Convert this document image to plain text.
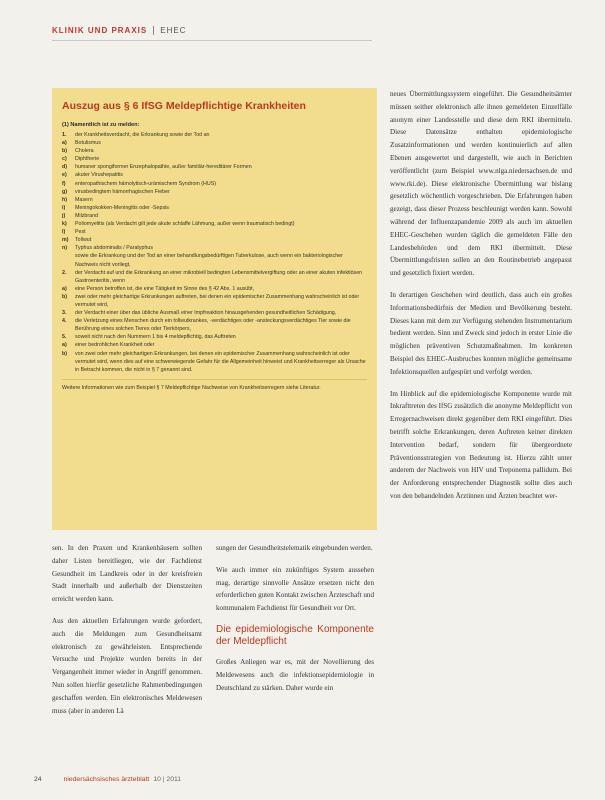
KLINIK UND PRAXIS EHEC
Auszug aus § 6 IfSG Meldepflichtige Krankheiten
(1) Namentlich ist zu melden:
1.	der Krankheitsverdacht, die Erkrankung sowie der Tod an
a)	Botulismus
b)	Cholera
c)	Diphtherie
d)	humaner spongiformer Enzephalopathie, außer familiär-hereditärer Formen
e)	akuter Virushepatitis
f)	enteropathischem hämolytisch-urämischem Syndrom (HUS)
g)	virusbedingtem hämorrhagischen Fieber
h)	Masern
i)	Meningokokken-Meningitis oder -Sepsis
j)	Milzbrand
k)	Poliomyelitis (als Verdacht gilt jede akute schlaffe Lähmung, außer wenn traumatisch bedingt)
l)	Pest
m)	Tollwut
n)	Typhus abdominalis / Paratyphus
sowie die Erkrankung und der Tod an einer behandlungsbedürftigen Tuberkulose, auch wenn ein bakteriologischer Nachweis nicht vorliegt,
2.	der Verdacht auf und die Erkrankung an einer mikrobiell bedingten Lebensmittelvergiftung oder an einer akuten infektiösen Gastroenteritis, wenn
a)	eine Person betroffen ist, die eine Tätigkeit im Sinne des § 42 Abs. 1 ausübt,
b)	zwei oder mehr gleichartige Erkrankungen auftreten, bei denen ein epidemischer Zusammenhang wahrscheinlich ist oder vermutet wird,
3.	der Verdacht einer über das übliche Ausmaß einer Impfreaktion hinausgehenden gesundheitlichen Schädigung,
4.	die Verletzung eines Menschen durch ein tollwutkrankes, -verdächtiges oder -ansteckungsverdächtiges Tier sowie die Berührung eines solchen Tieres oder Tierkörpers,
5.	soweit nicht nach den Nummern 1 bis 4 meldepflichtig, das Auftreten
a)	einer bedrohlichen Krankheit oder
b)	von zwei oder mehr gleichartigen Erkrankungen, bei denen ein epidemischer Zusammenhang wahrscheinlich ist oder vermutet wird, wenn dies auf eine schwerwiegende Gefahr für die Allgemeinheit hinweist und Krankheitserreger als Ursache in Betracht kommen, die nicht in § 7 genannt sind.
Weitere Informationen wie zum Beispiel § 7 Meldepflichtige Nachweise von Krankheitserregern siehe Literatur.

sen. In den Praxen und Krankenhäusern sollten daher Listen bereitliegen, wie der Fachdienst Gesundheit im Landkreis oder in der kreisfreien Stadt innerhalb und außerhalb der Dienstzeiten erreicht werden kann.

Aus den aktuellen Erfahrungen wurde gefordert, auch die Meldungen zum Gesundheitsamt elektronisch zu gewährleisten. Entsprechende Versuche und Projekte wurden bereits in der Vergangenheit immer wieder in Angriff genommen. Nun sollen hierfür gesetzliche Rahmenbedingungen geschaffen werden. Ein elektronisches Meldewesen muss (aber in anderen Lä

sungen der Gesundheitstelematik eingebunden werden.

Wie auch immer ein zukünftiges System aussehen mag, derartige sinnvolle Ansätze ersetzen nicht den erforderlichen guten Kontakt zwischen Ärzteschaft und kommunalem Fachdienst für Gesundheit vor Ort.

Die epidemiologische Komponente der Meldepflicht

Großes Anliegen war es, mit der Novellierung des Meldewesens auch die infektionsepidemiologie in Deutschland zu stärken. Daher wurde ein

neues Übermittlungssystem eingeführt. Die Gesundheitsämter müssen seither elektronisch alle ihnen gemeldeten Einzelfälle anonym einer Landesstelle und diese dem RKI übermitteln. Diese Datensätze enthalten epidemiologische Zusatzinformationen und werden kontinuierlich auf allen Ebenen ausgewertet und dargestellt, wie auch in Berichten veröffentlicht (zum Beispiel www.nlga.niedersachsen.de und www.rki.de). Diese elektronische Übermittlung war bislang gesetzlich wöchentlich vorgeschrieben. Die Erfahrungen haben gezeigt, dass dieser Prozess beschleunigt werden kann. Sowohl während der Influenzapandemie 2009 als auch im aktuellen EHEC-Geschehen wurden täglich die gemeldeten Fälle den Landesbehörden und dem RKI übermittelt. Diese Übermittlungsfristen sollen an den Routinebetrieb angepasst und gesetzlich fixiert werden.

In derartigen Geschehen wird deutlich, dass auch ein großes Informationsbedürfnis der Medien und Bevölkerung besteht. Dieses kann mit dem zur Verfügung stehenden Instrumentarium bedient werden. Sinn und Zweck sind jedoch in erster Linie die möglichen präventiven Schutzmaßnahmen. Im konkreten Beispiel des EHEC-Ausbruches konnten mögliche gemeinsame Infektionsquellen aufgespürt und verfolgt werden.

Im Hinblick auf die epidemiologische Komponente wurde mit Inkrafttreten des IfSG zusätzlich die anonyme Meldepflicht von Erregernachweisen direkt gegenüber dem RKI eingeführt. Dies betrifft solche Erkrankungen, deren Auftreten keiner direkten Intervention bedarf, sondern für übergeordnete Präventionsstrategien von Bedeutung ist. Hierzu zählt unter anderem der Nachweis von HIV und Treponema pallidum. Bei der Anforderung entsprechender Diagnostik sollte dies auch von den behandelnden Ärztinnen und Ärzten beachtet wer-

24	niedersächsisches ärzteblatt 10 | 2011
